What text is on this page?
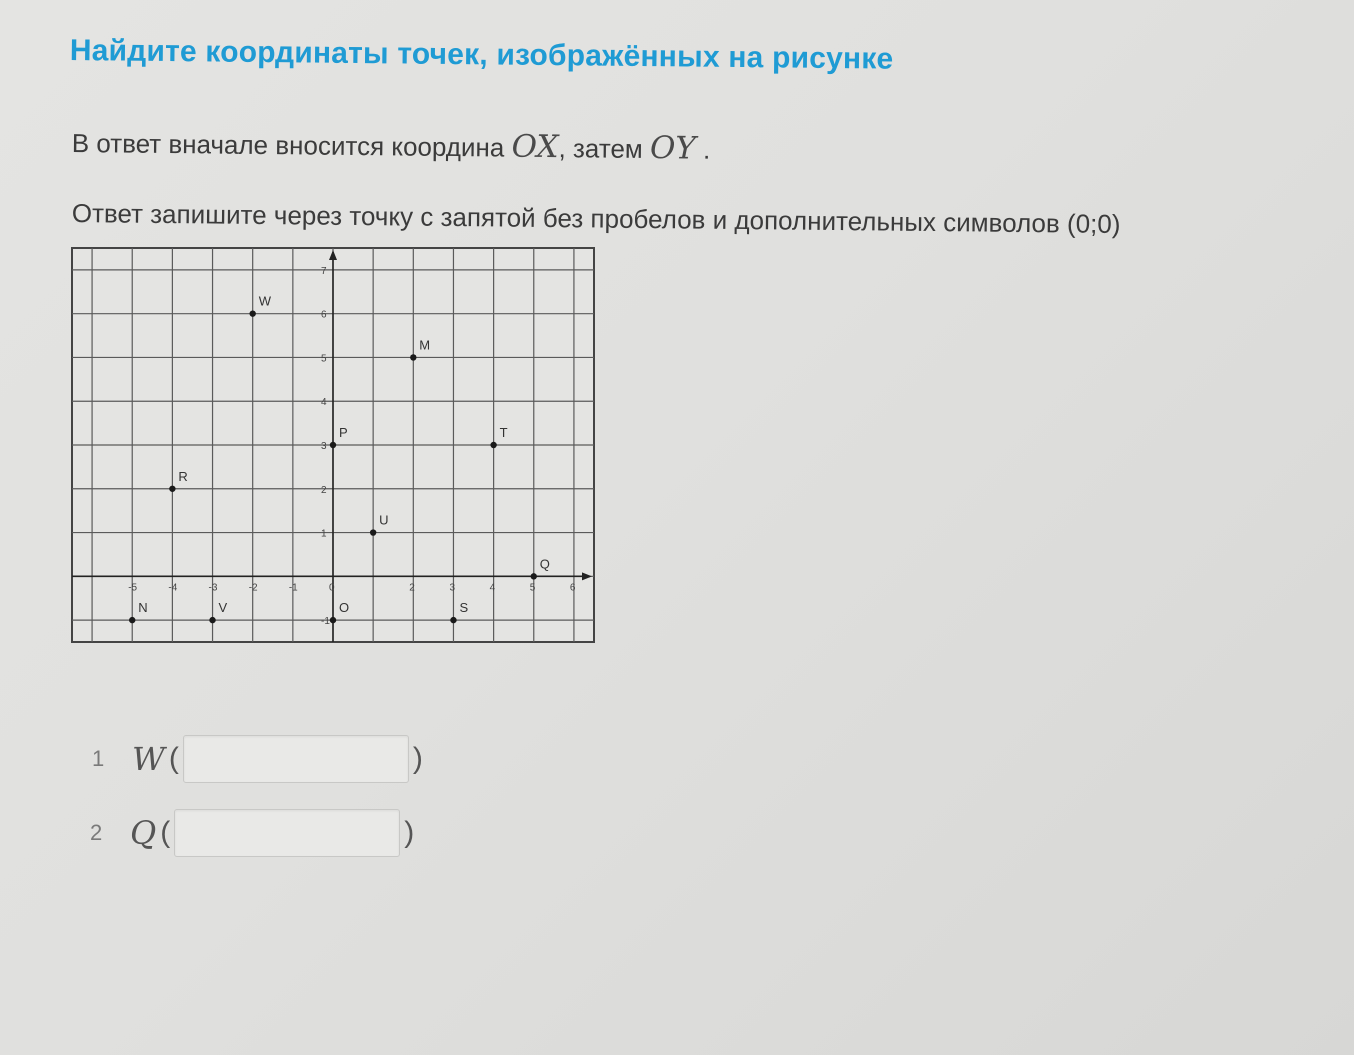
Найдите координаты точек, изображённых на рисунке
В ответ вначале вносится координа OX, затем OY .
Ответ запишите через точку с запятой без пробелов и дополнительных символов (0;0)
-5	-4	-3	-2	-1	0	2	3	4	5	6
-1
1
2
3
4
5
6
7
W
M
P	T
R
U
Q
N	V	O	S
1 W (	)
2 Q (	)
